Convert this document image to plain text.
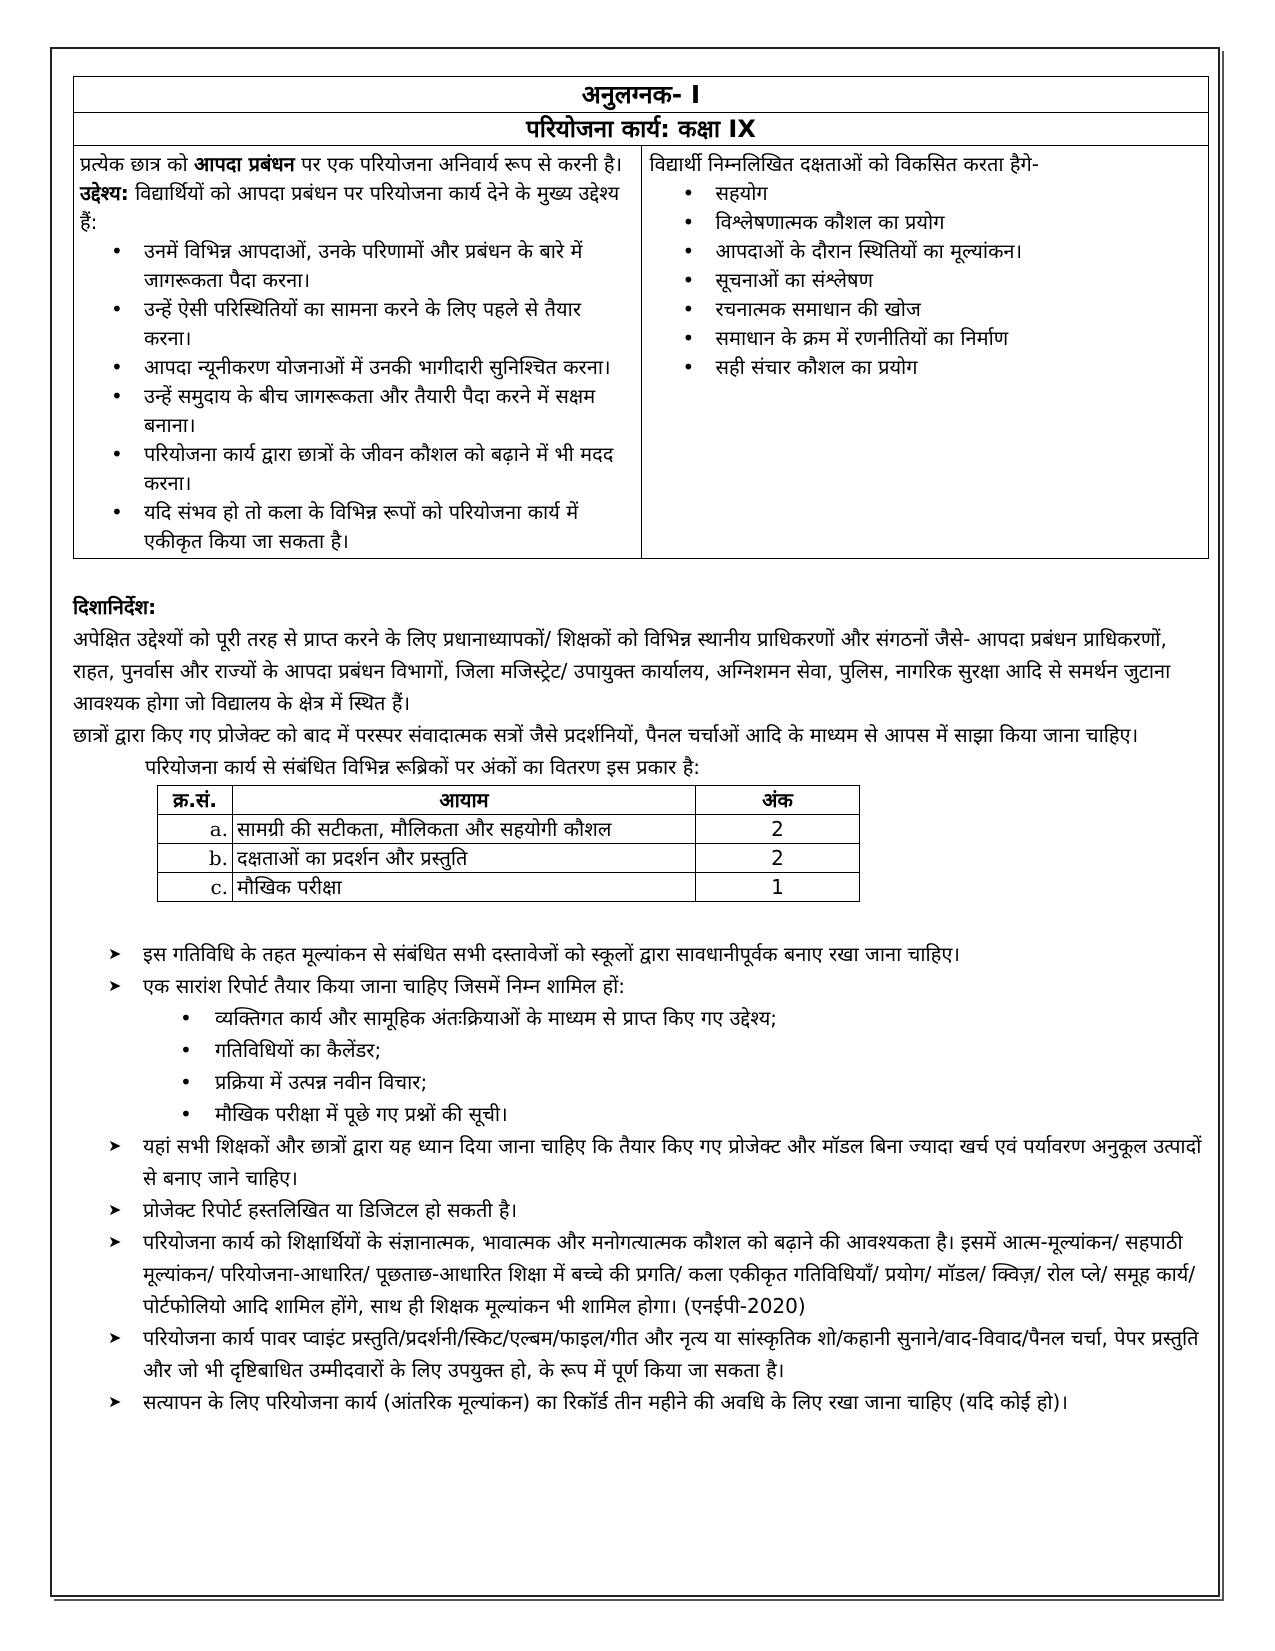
अनुलग्नक- I
परियोजना कार्य: कक्षा IX

प्रत्येक छात्र को आपदा प्रबंधन पर एक परियोजना अनिवार्य रूप से करनी है।
उद्देश्य: विद्यार्थियों को आपदा प्रबंधन पर परियोजना कार्य देने के मुख्य उद्देश्य हैं:
• उनमें विभिन्न आपदाओं, उनके परिणामों और प्रबंधन के बारे में जागरूकता पैदा करना।
• उन्हें ऐसी परिस्थितियों का सामना करने के लिए पहले से तैयार करना।
• आपदा न्यूनीकरण योजनाओं में उनकी भागीदारी सुनिश्चित करना।
• उन्हें समुदाय के बीच जागरूकता और तैयारी पैदा करने में सक्षम बनाना।
• परियोजना कार्य द्वारा छात्रों के जीवन कौशल को बढ़ाने में भी मदद करना।
• यदि संभव हो तो कला के विभिन्न रूपों को परियोजना कार्य में एकीकृत किया जा सकता है।

विद्यार्थी निम्नलिखित दक्षताओं को विकसित करता हैगे-
• सहयोग
• विश्लेषणात्मक कौशल का प्रयोग
• आपदाओं के दौरान स्थितियों का मूल्यांकन।
• सूचनाओं का संश्लेषण
• रचनात्मक समाधान की खोज
• समाधान के क्रम में रणनीतियों का निर्माण
• सही संचार कौशल का प्रयोग
दिशानिर्देश:
अपेक्षित उद्देश्यों को पूरी तरह से प्राप्त करने के लिए प्रधानाध्यापकों/ शिक्षकों को विभिन्न स्थानीय प्राधिकरणों और संगठनों जैसे- आपदा प्रबंधन प्राधिकरणों, राहत, पुनर्वास और राज्यों के आपदा प्रबंधन विभागों, जिला मजिस्ट्रेट/ उपायुक्त कार्यालय, अग्निशमन सेवा, पुलिस, नागरिक सुरक्षा आदि से समर्थन जुटाना आवश्यक होगा जो विद्यालय के क्षेत्र में स्थित हैं।
छात्रों द्वारा किए गए प्रोजेक्ट को बाद में परस्पर संवादात्मक सत्रों जैसे प्रदर्शनियों, पैनल चर्चाओं आदि के माध्यम से आपस में साझा किया जाना चाहिए।
परियोजना कार्य से संबंधित विभिन्न रूब्रिकों पर अंकों का वितरण इस प्रकार है:
क्र.सं.	आयाम	अंक
a.	सामग्री की सटीकता, मौलिकता और सहयोगी कौशल	2
b.	दक्षताओं का प्रदर्शन और प्रस्तुति	2
c.	मौखिक परीक्षा	1
➤ इस गतिविधि के तहत मूल्यांकन से संबंधित सभी दस्तावेजों को स्कूलों द्वारा सावधानीपूर्वक बनाए रखा जाना चाहिए।
➤ एक सारांश रिपोर्ट तैयार किया जाना चाहिए जिसमें निम्न शामिल हों:
• व्यक्तिगत कार्य और सामूहिक अंतःक्रियाओं के माध्यम से प्राप्त किए गए उद्देश्य;
• गतिविधियों का कैलेंडर;
• प्रक्रिया में उत्पन्न नवीन विचार;
• मौखिक परीक्षा में पूछे गए प्रश्नों की सूची।
➤ यहां सभी शिक्षकों और छात्रों द्वारा यह ध्यान दिया जाना चाहिए कि तैयार किए गए प्रोजेक्ट और मॉडल बिना ज्यादा खर्च एवं पर्यावरण अनुकूल उत्पादों से बनाए जाने चाहिए।
➤ प्रोजेक्ट रिपोर्ट हस्तलिखित या डिजिटल हो सकती है।
➤ परियोजना कार्य को शिक्षार्थियों के संज्ञानात्मक, भावात्मक और मनोगत्यात्मक कौशल को बढ़ाने की आवश्यकता है। इसमें आत्म-मूल्यांकन/ सहपाठी मूल्यांकन/ परियोजना-आधारित/ पूछताछ-आधारित शिक्षा में बच्चे की प्रगति/ कला एकीकृत गतिविधियाँ/ प्रयोग/ मॉडल/ क्विज़/ रोल प्ले/ समूह कार्य/ पोर्टफोलियो आदि शामिल होंगे, साथ ही शिक्षक मूल्यांकन भी शामिल होगा। (एनईपी-2020)
➤ परियोजना कार्य पावर प्वाइंट प्रस्तुति/प्रदर्शनी/स्किट/एल्बम/फाइल/गीत और नृत्य या सांस्कृतिक शो/कहानी सुनाने/वाद-विवाद/पैनल चर्चा, पेपर प्रस्तुति और जो भी दृष्टिबाधित उम्मीदवारों के लिए उपयुक्त हो, के रूप में पूर्ण किया जा सकता है।
➤ सत्यापन के लिए परियोजना कार्य (आंतरिक मूल्यांकन) का रिकॉर्ड तीन महीने की अवधि के लिए रखा जाना चाहिए (यदि कोई हो)।
